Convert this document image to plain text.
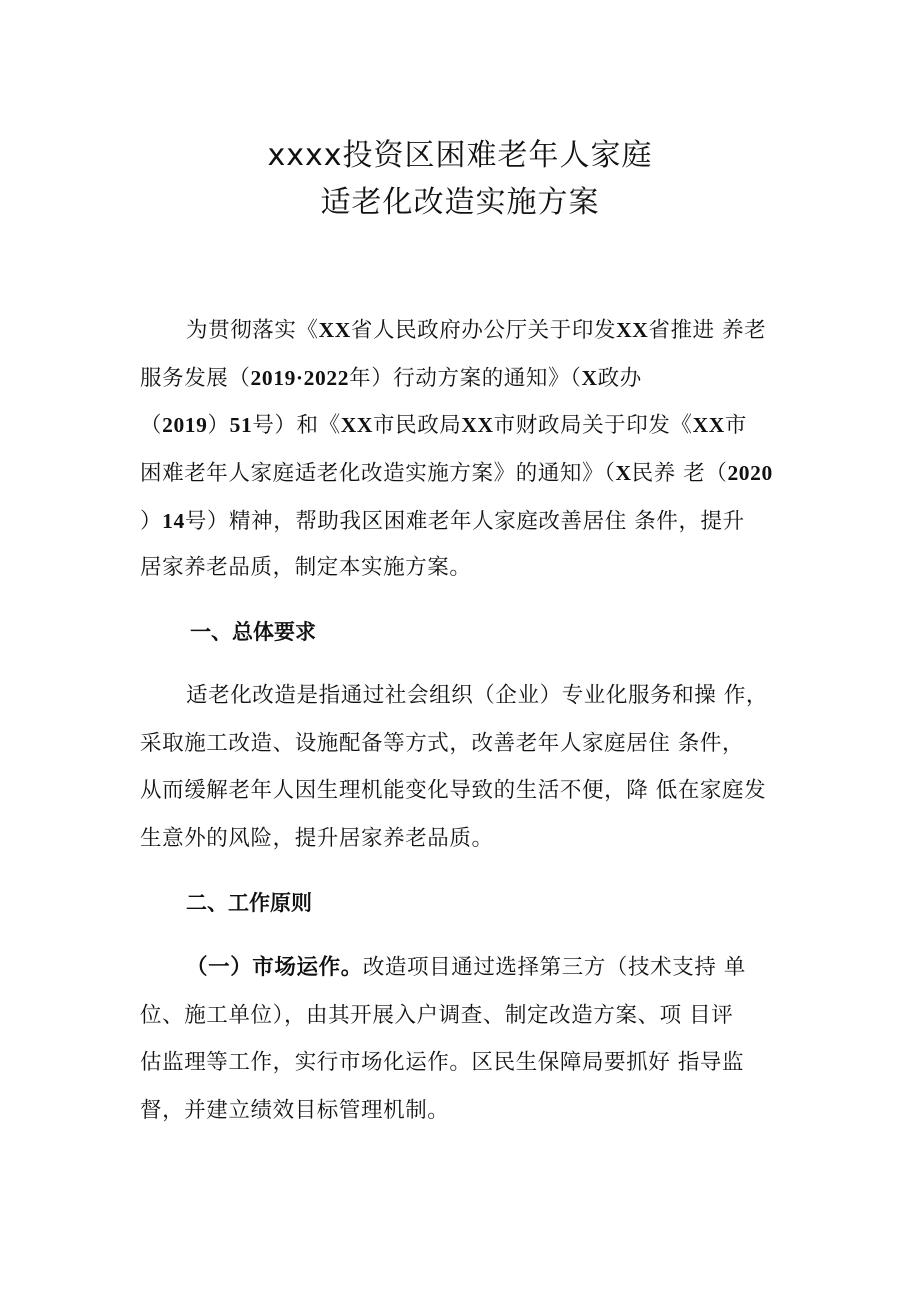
xxxx投资区困难老年人家庭
适老化改造实施方案
为贯彻落实《XX省人民政府办公厅关于印发XX省推进 养老
服务发展（2019·2022年）行动方案的通知》（X政办
（2019）51号）和《XX市民政局XX市财政局关于印发《XX市
困难老年人家庭适老化改造实施方案》的通知》（X民养 老（2020
）14号）精神，帮助我区困难老年人家庭改善居住 条件，提升
居家养老品质，制定本实施方案。
一、总体要求
适老化改造是指通过社会组织（企业）专业化服务和操 作，
采取施工改造、设施配备等方式，改善老年人家庭居住 条件，
从而缓解老年人因生理机能变化导致的生活不便，降 低在家庭发
生意外的风险，提升居家养老品质。
二、工作原则
（一）市场运作。改造项目通过选择第三方（技术支持 单
位、施工单位），由其开展入户调查、制定改造方案、项 目评
估监理等工作，实行市场化运作。区民生保障局要抓好 指导监
督，并建立绩效目标管理机制。
